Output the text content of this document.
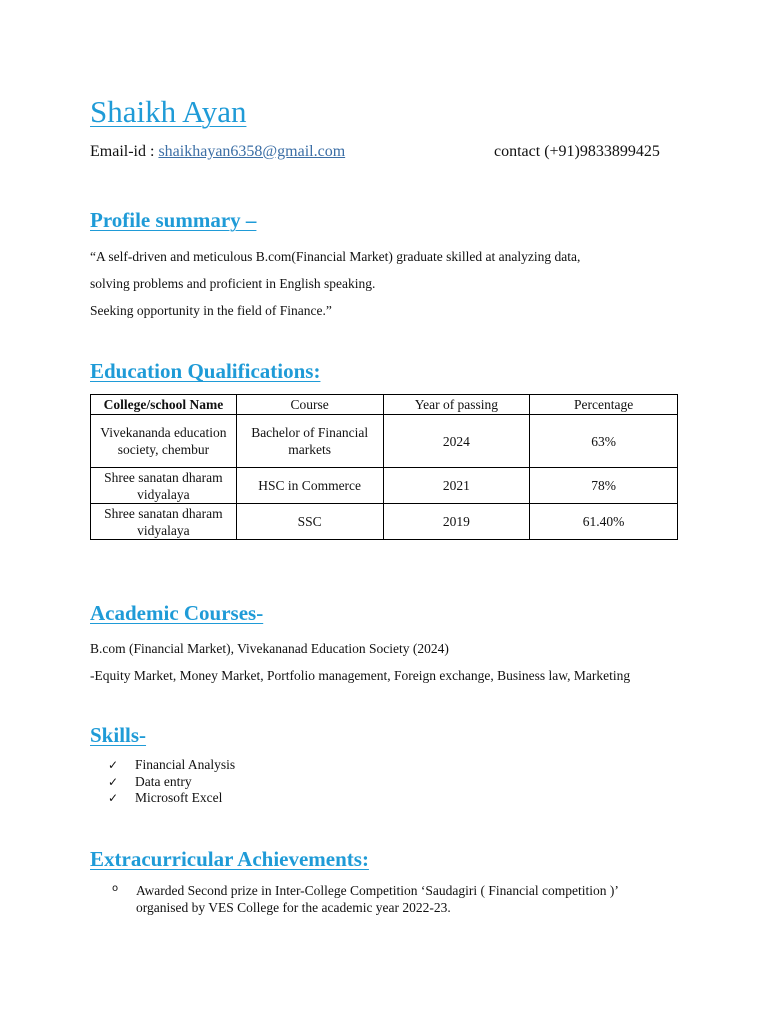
Shaikh Ayan
Email-id : shaikhayan6358@gmail.com	contact (+91)9833899425
Profile summary –

“A self-driven and meticulous B.com(Financial Market) graduate skilled at analyzing data,

solving problems and proficient in English speaking.

Seeking opportunity in the field of Finance.”

Education Qualifications:
College/school Name	Course	Year of passing	Percentage
Vivekananda education society, chembur	Bachelor of Financial markets	2024	63%
Shree sanatan dharam vidyalaya	HSC in Commerce	2021	78%
Shree sanatan dharam vidyalaya	SSC	2019	61.40%
Academic Courses-

B.com (Financial Market), Vivekananad Education Society (2024)

-Equity Market, Money Market, Portfolio management, Foreign exchange, Business law, Marketing

Skills-
✓ Financial Analysis
✓ Data entry
✓ Microsoft Excel
Extracurricular Achievements:
o Awarded Second prize in Inter-College Competition ‘Saudagiri ( Financial competition )’ organised by VES College for the academic year 2022-23.
